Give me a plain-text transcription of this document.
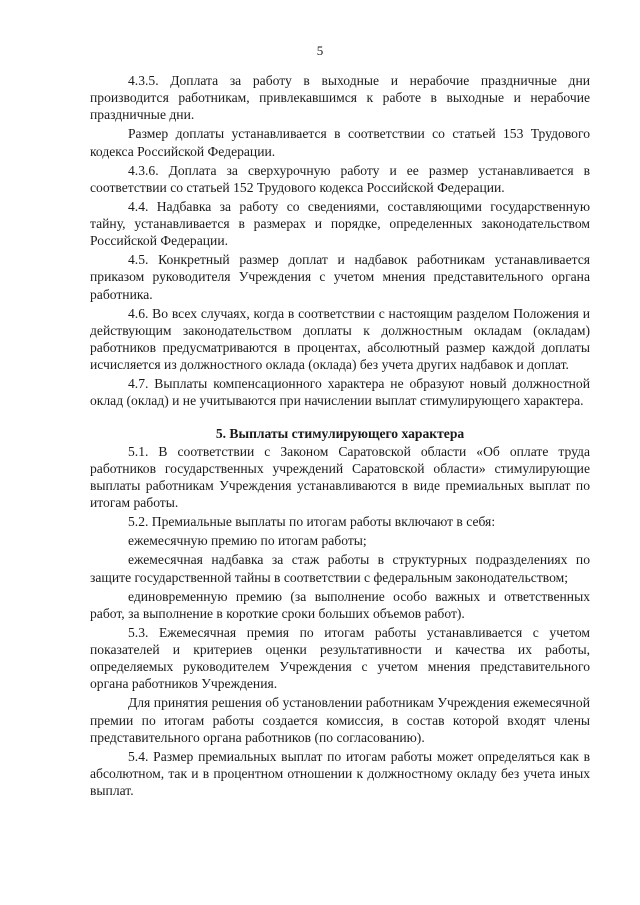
5

4.3.5. Доплата за работу в выходные и нерабочие праздничные дни производится работникам, привлекавшимся к работе в выходные и нерабочие праздничные дни.

Размер доплаты устанавливается в соответствии со статьей 153 Трудового кодекса Российской Федерации.

4.3.6. Доплата за сверхурочную работу и ее размер устанавливается в соответствии со статьей 152 Трудового кодекса Российской Федерации.

4.4. Надбавка за работу со сведениями, составляющими государственную тайну, устанавливается в размерах и порядке, определенных законодательством Российской Федерации.

4.5. Конкретный размер доплат и надбавок работникам устанавливается приказом руководителя Учреждения с учетом мнения представительного органа работника.

4.6. Во всех случаях, когда в соответствии с настоящим разделом Положения и действующим законодательством доплаты к должностным окладам (окладам) работников предусматриваются в процентах, абсолютный размер каждой доплаты исчисляется из должностного оклада (оклада) без учета других надбавок и доплат.

4.7. Выплаты компенсационного характера не образуют новый должностной оклад (оклад) и не учитываются при начислении выплат стимулирующего характера.

5. Выплаты стимулирующего характера

5.1. В соответствии с Законом Саратовской области «Об оплате труда работников государственных учреждений Саратовской области» стимулирующие выплаты работникам Учреждения устанавливаются в виде премиальных выплат по итогам работы.

5.2. Премиальные выплаты по итогам работы включают в себя:

ежемесячную премию по итогам работы;

ежемесячная надбавка за стаж работы в структурных подразделениях по защите государственной тайны в соответствии с федеральным законодательством;

единовременную премию (за выполнение особо важных и ответственных работ, за выполнение в короткие сроки больших объемов работ).

5.3. Ежемесячная премия по итогам работы устанавливается с учетом показателей и критериев оценки результативности и качества их работы, определяемых руководителем Учреждения с учетом мнения представительного органа работников Учреждения.

Для принятия решения об установлении работникам Учреждения ежемесячной премии по итогам работы создается комиссия, в состав которой входят члены представительного органа работников (по согласованию).

5.4. Размер премиальных выплат по итогам работы может определяться как в абсолютном, так и в процентном отношении к должностному окладу без учета иных выплат.
